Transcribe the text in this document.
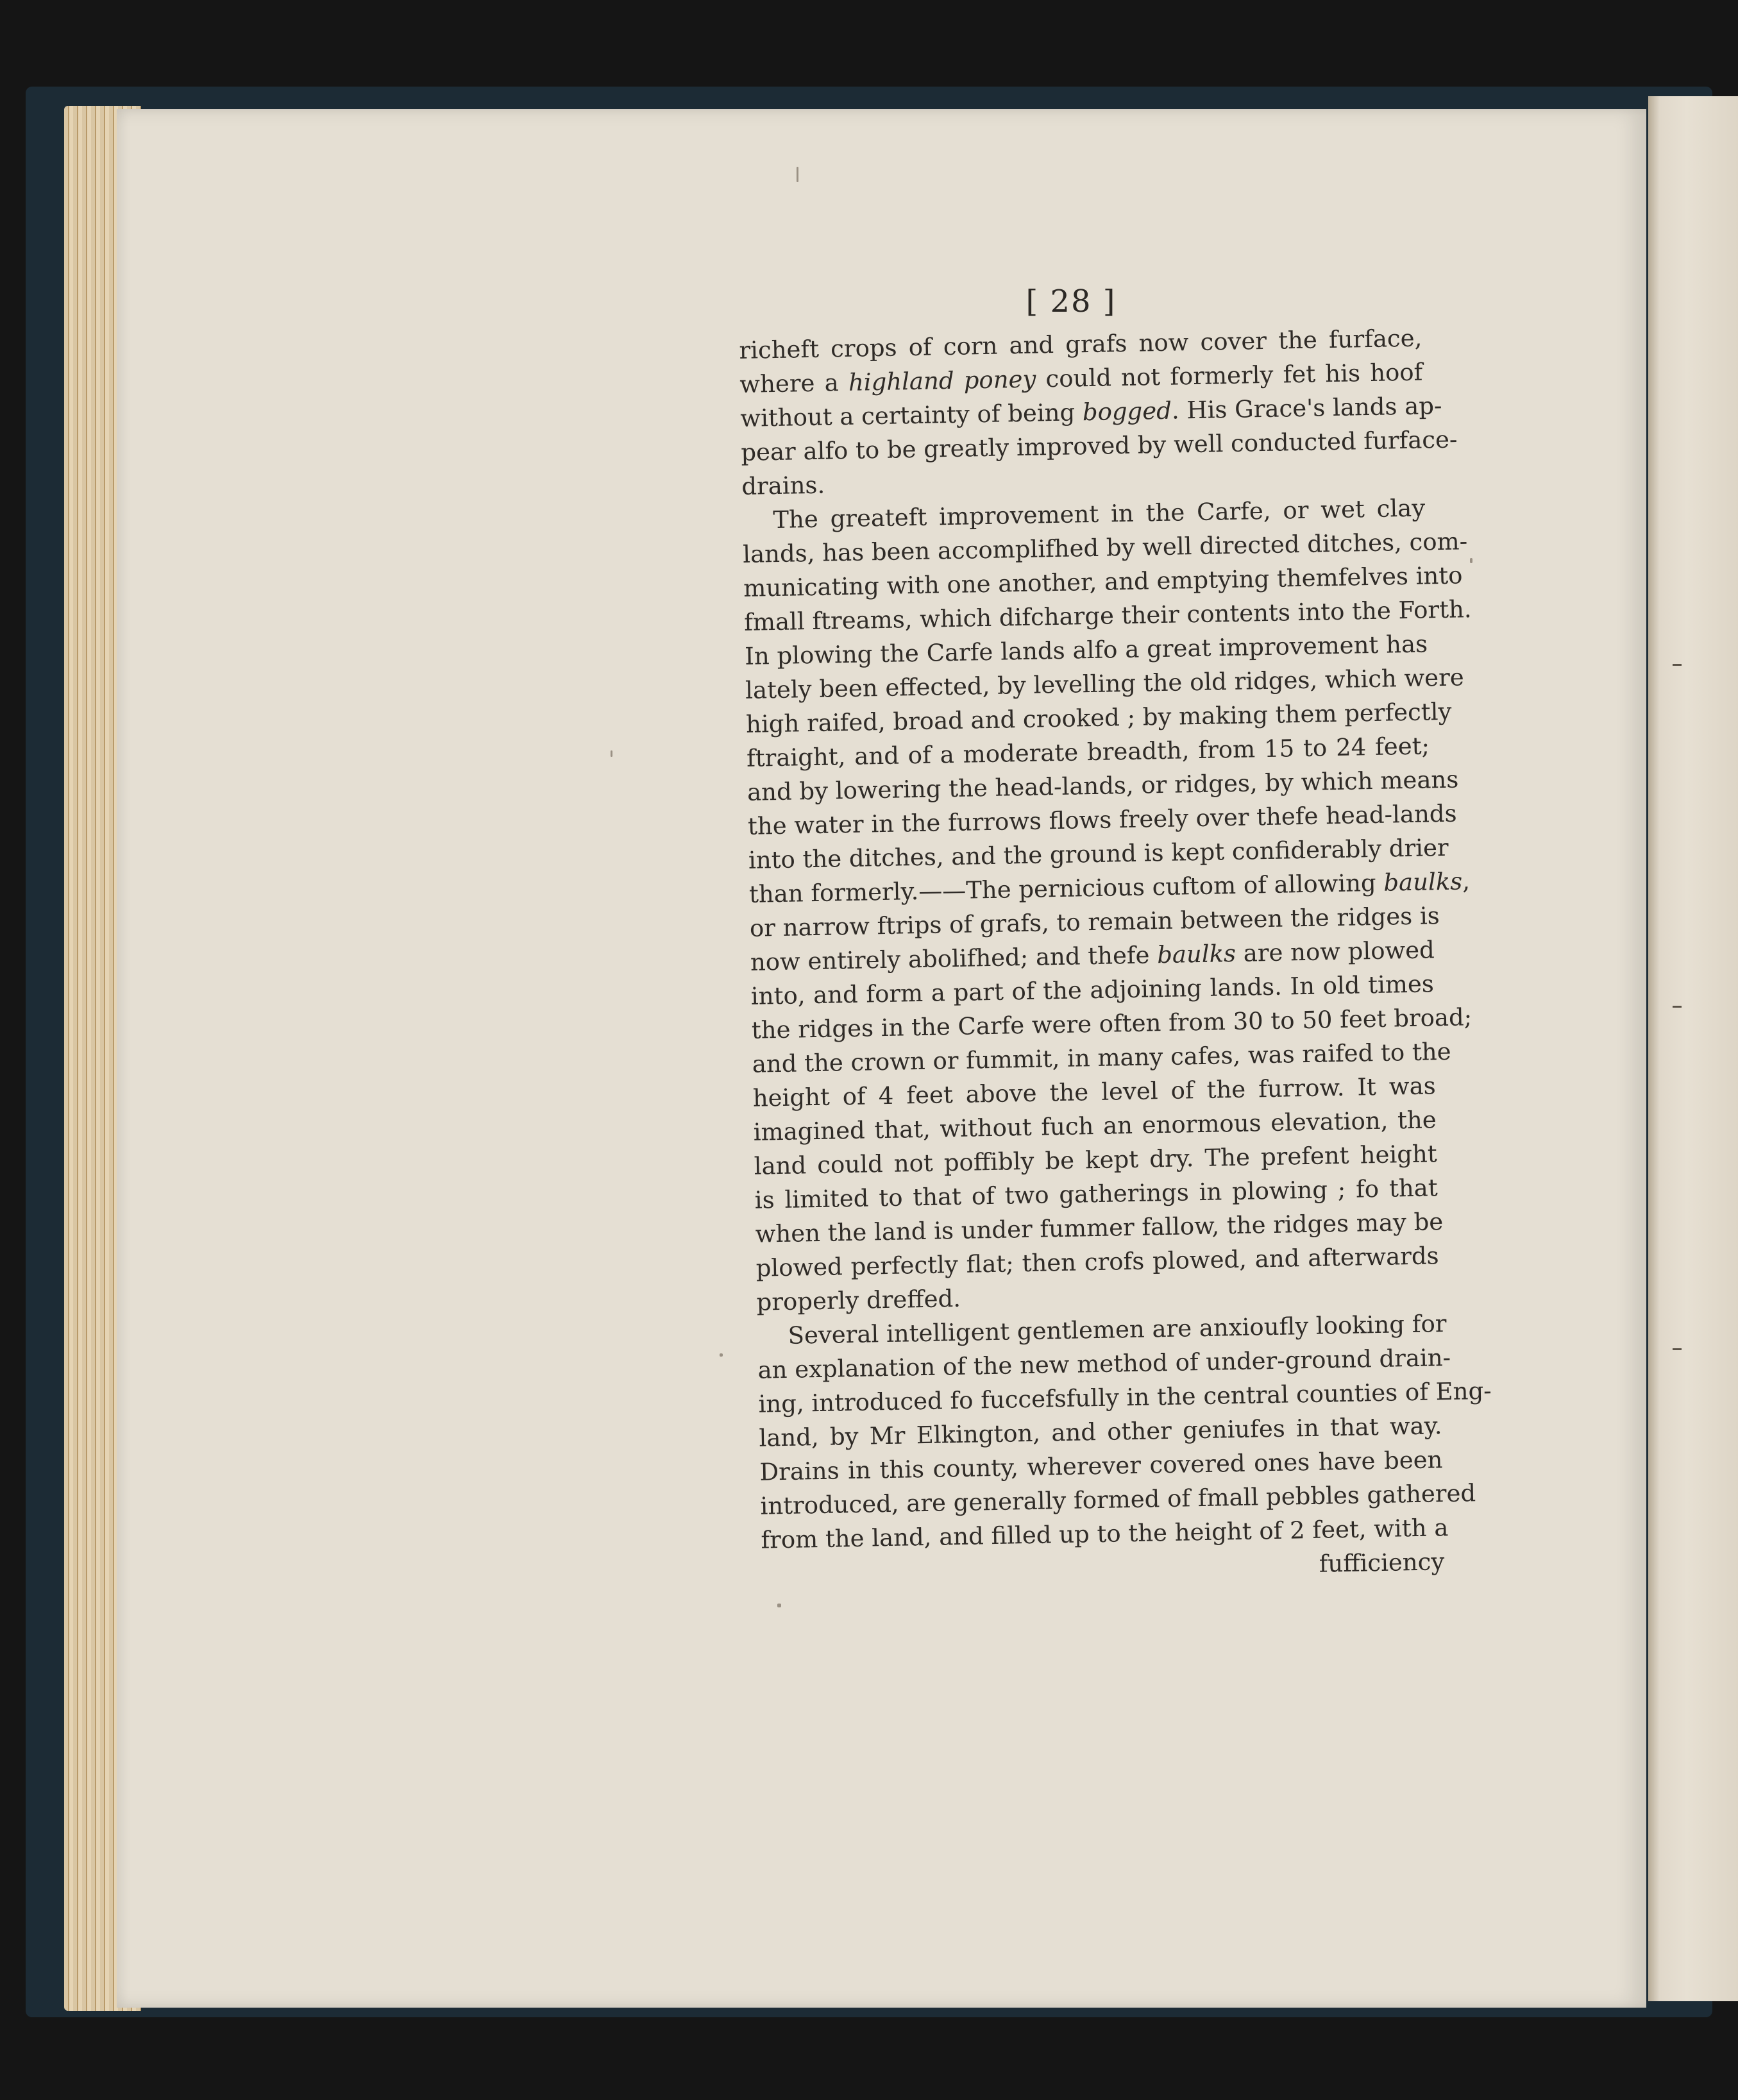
[ 28 ]
richeft crops of corn and grafs now cover the furface,
where a highland poney could not formerly fet his hoof
without a certainty of being bogged. His Grace's lands ap-
pear alfo to be greatly improved by well conducted furface-
drains.
The greateft improvement in the Carfe, or wet clay
lands, has been accomplifhed by well directed ditches, com-
municating with one another, and emptying themfelves into
fmall ftreams, which difcharge their contents into the Forth.
In plowing the Carfe lands alfo a great improvement has
lately been effected, by levelling the old ridges, which were
high raifed, broad and crooked ; by making them perfectly
ftraight, and of a moderate breadth, from 15 to 24 feet;
and by lowering the head-lands, or ridges, by which means
the water in the furrows flows freely over thefe head-lands
into the ditches, and the ground is kept confiderably drier
than formerly.——The pernicious cuftom of allowing baulks
or narrow ftrips of grafs, to remain between the ridges is
now entirely abolifhed; and thefe baulks are now plowed
into, and form a part of the adjoining lands. In old times
the ridges in the Carfe were often from 30 to 50 feet broad;
and the crown or fummit, in many cafes, was raifed to the
height of 4 feet above the level of the furrow. It was
imagined that, without fuch an enormous elevation, the
land could not poffibly be kept dry. The prefent height
is limited to that of two gatherings in plowing ; fo that
when the land is under fummer fallow, the ridges may be
plowed perfectly flat; then crofs plowed, and afterwards
properly dreffed.
Several intelligent gentlemen are anxioufly looking for
an explanation of the new method of under-ground drain-
ing, introduced fo fuccefsfully in the central counties of Eng-
land, by Mr Elkington, and other geniufes in that way.
Drains in this county, wherever covered ones have been
introduced, are generally formed of fmall pebbles gathered
from the land, and filled up to the height of 2 feet, with a
fufficiency
